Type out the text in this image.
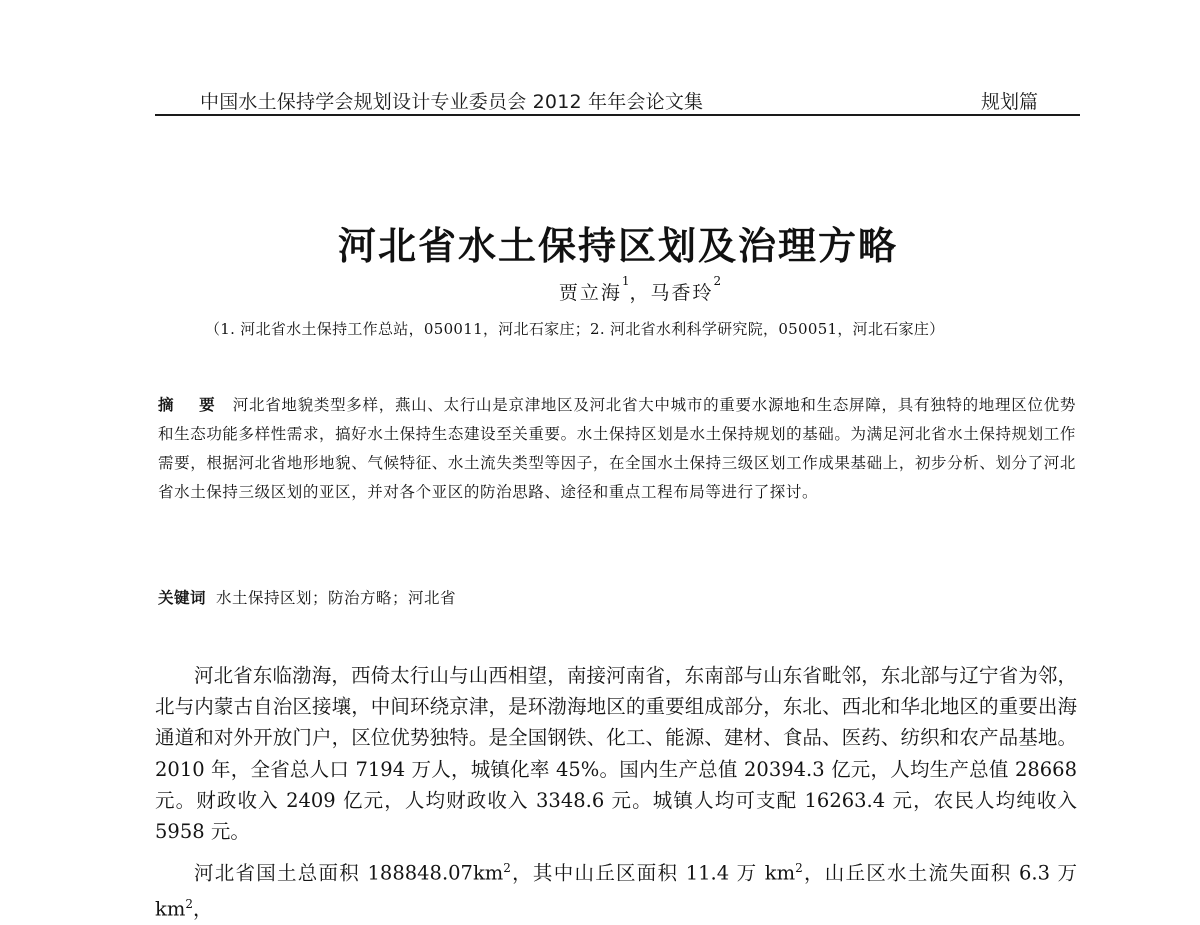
中国水土保持学会规划设计专业委员会 2012 年年会论文集	规划篇
河北省水土保持区划及治理方略
贾立海$^1$，马香玲$^2$
（1. 河北省水土保持工作总站，050011，河北石家庄；2. 河北省水利科学研究院，050051，河北石家庄）
摘 要 河北省地貌类型多样，燕山、太行山是京津地区及河北省大中城市的重要水源地和生态屏障，具有独特的地理区位优势和生态功能多样性需求，搞好水土保持生态建设至关重要。水土保持区划是水土保持规划的基础。为满足河北省水土保持规划工作需要，根据河北省地形地貌、气候特征、水土流失类型等因子，在全国水土保持三级区划工作成果基础上，初步分析、划分了河北省水土保持三级区划的亚区，并对各个亚区的防治思路、途径和重点工程布局等进行了探讨。
关键词 水土保持区划；防治方略；河北省

河北省东临渤海，西倚太行山与山西相望，南接河南省，东南部与山东省毗邻，东北部与辽宁省为邻，北与内蒙古自治区接壤，中间环绕京津，是环渤海地区的重要组成部分，东北、西北和华北地区的重要出海通道和对外开放门户，区位优势独特。是全国钢铁、化工、能源、建材、食品、医药、纺织和农产品基地。2010 年，全省总人口 7194 万人，城镇化率 45%。国内生产总值 20394.3 亿元，人均生产总值 28668 元。财政收入 2409 亿元，人均财政收入 3348.6 元。城镇人均可支配 16263.4 元，农民人均纯收入 5958 元。

河北省国土总面积 $188848.07km^2$，其中山丘区面积 11.4 万 $km^2$，山丘区水土流失面积 6.3 万 $km^2$，
